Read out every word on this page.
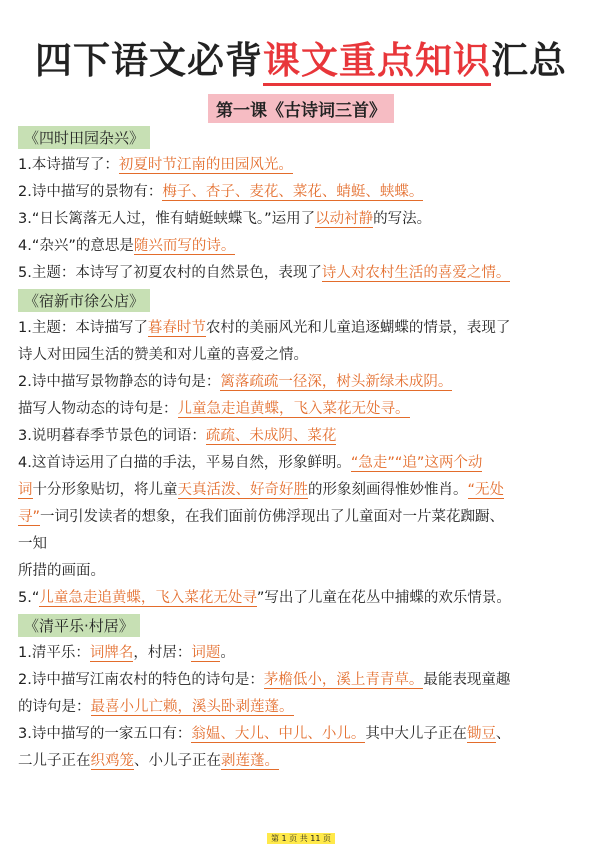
四下语文必背课文重点知识汇总
第一课《古诗词三首》
《四时田园杂兴》
1.本诗描写了：初夏时节江南的田园风光。
2.诗中描写的景物有：梅子、杏子、麦花、菜花、蜻蜓、蛱蝶。
3.“日长篱落无人过，惟有蜻蜓蛱蝶飞。”运用了以动衬静的写法。
4.“杂兴”的意思是随兴而写的诗。
5.主题：本诗写了初夏农村的自然景色，表现了诗人对农村生活的喜爱之情。
《宿新市徐公店》
1.主题：本诗描写了暮春时节农村的美丽风光和儿童追逐蝴蝶的情景，表现了
诗人对田园生活的赞美和对儿童的喜爱之情。
2.诗中描写景物静态的诗句是：篱落疏疏一径深，树头新绿未成阴。
描写人物动态的诗句是：儿童急走追黄蝶，飞入菜花无处寻。
3.说明暮春季节景色的词语：疏疏、未成阴、菜花
4.这首诗运用了白描的手法，平易自然，形象鲜明。“急走”“追”这两个动
词十分形象贴切，将儿童天真活泼、好奇好胜的形象刻画得惟妙惟肖。“无处
寻”一词引发读者的想象，在我们面前仿佛浮现出了儿童面对一片菜花踟蹰、
一知
所措的画面。
5.“儿童急走追黄蝶，飞入菜花无处寻”写出了儿童在花丛中捕蝶的欢乐情景。
《清平乐·村居》
1.清平乐：词牌名，村居：词题。
2.诗中描写江南农村的特色的诗句是：茅檐低小，溪上青青草。最能表现童趣
的诗句是：最喜小儿亡赖，溪头卧剥莲蓬。
3.诗中描写的一家五口有：翁媪、大儿、中儿、小儿。其中大儿子正在锄豆、
二儿子正在织鸡笼、小儿子正在剥莲蓬。
第 1 页 共 11 页
